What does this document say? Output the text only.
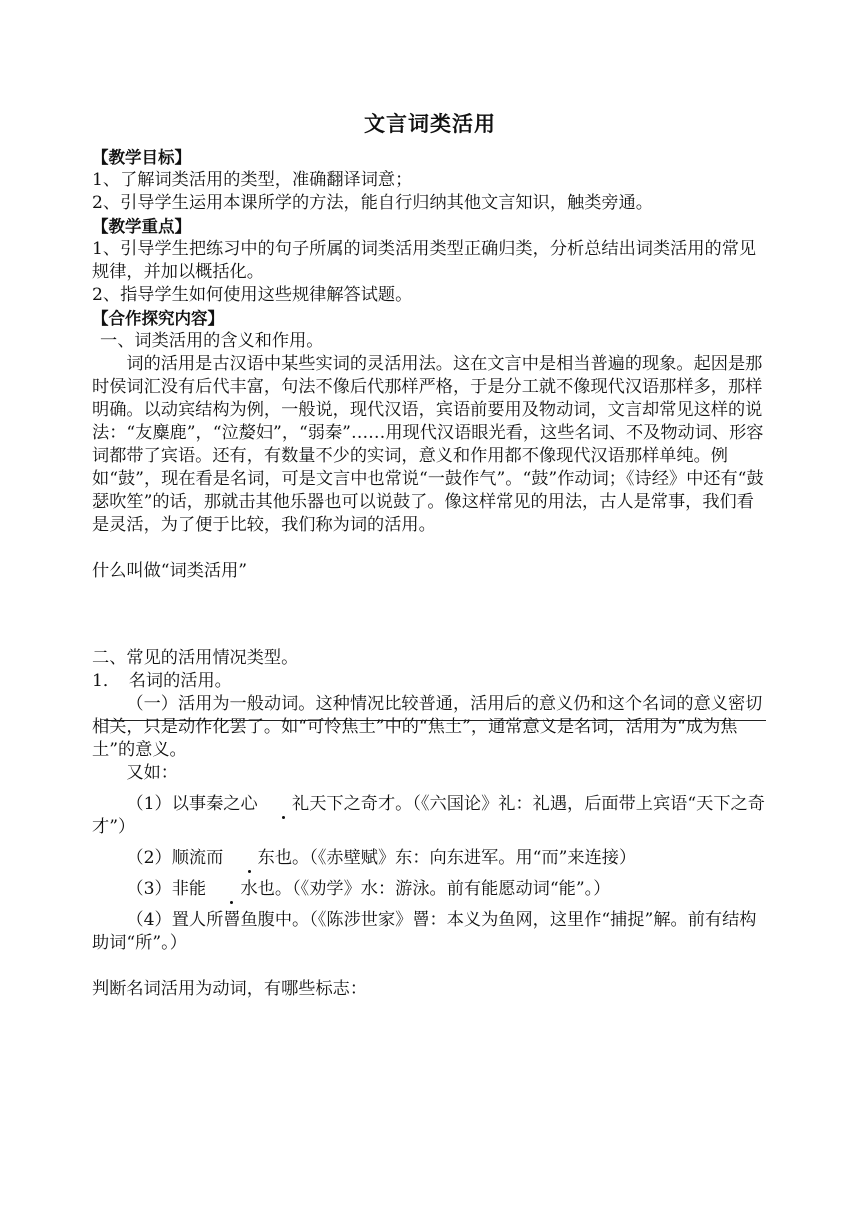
文言词类活用

【教学目标】

1、了解词类活用的类型，准确翻译词意；

2、引导学生运用本课所学的方法，能自行归纳其他文言知识，触类旁通。

【教学重点】

1、引导学生把练习中的句子所属的词类活用类型正确归类，分析总结出词类活用的常见规律，并加以概括化。

2、指导学生如何使用这些规律解答试题。

【合作探究内容】

一、词类活用的含义和作用。

词的活用是古汉语中某些实词的灵活用法。这在文言中是相当普遍的现象。起因是那时侯词汇没有后代丰富，句法不像后代那样严格，于是分工就不像现代汉语那样多，那样明确。以动宾结构为例，一般说，现代汉语，宾语前要用及物动词，文言却常见这样的说法：“友麋鹿”，“泣嫠妇”，“弱秦”……用现代汉语眼光看，这些名词、不及物动词、形容词都带了宾语。还有，有数量不少的实词，意义和作用都不像现代汉语那样单纯。例如“鼓”，现在看是名词，可是文言中也常说“一鼓作气”。“鼓”作动词；《诗经》中还有“鼓瑟吹笙”的话，那就击其他乐器也可以说鼓了。像这样常见的用法，古人是常事，我们看是灵活，为了便于比较，我们称为词的活用。

什么叫做“词类活用”

二、常见的活用情况类型。

1．　名词的活用。

（一）活用为一般动词。这种情况比较普通，活用后的意义仍和这个名词的意义密切相关，只是动作化罢了。如“可怜焦土”中的“焦土”，通常意义是名词，活用为“成为焦土”的意义。

又如：

（1）以事秦之心 礼天下之奇才。（《六国论》礼：礼遇，后面带上宾语“天下之奇才”）

（2）顺流而 东也。（《赤壁赋》东：向东进军。用“而”来连接）

（3）非能 水也。（《劝学》水：游泳。前有能愿动词“能”。）

（4）置人所罾鱼腹中。（《陈涉世家》罾：本义为鱼网，这里作“捕捉”解。前有结构助词“所”。）

判断名词活用为动词，有哪些标志：
